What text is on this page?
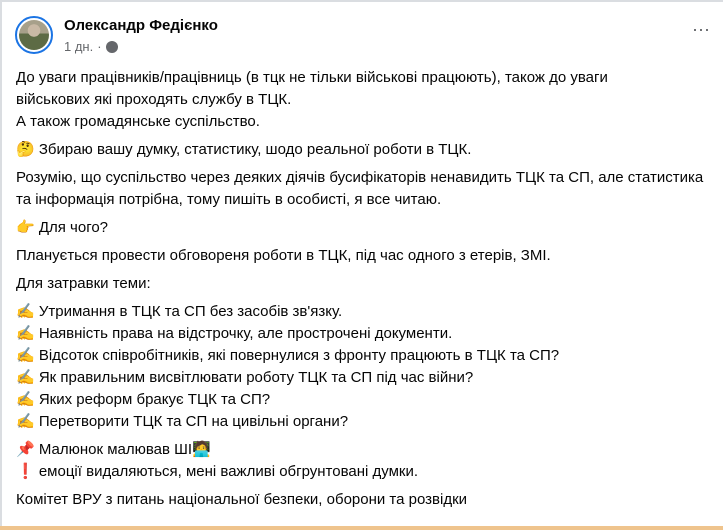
Олександр Федієнко
1 дн. ·
⋯

До уваги працівників/працівниць (в тцк не тільки військові працюють), також до уваги
військових які проходять службу в ТЦК.
А також громадянське суспільство.

🤔 Збираю вашу думку, статистику, шодо реальної роботи в ТЦК.

Розумію, що суспільство через деяких діячів бусифікаторів ненавидить ТЦК та СП, але статистика
та інформація потрібна, тому пишіть в особисті, я все читаю.

👉 Для чого?

Планується провести обговореня роботи в ТЦК, під час одного з етерів, ЗМІ.

Для затравки теми:

✍️ Утримання в ТЦК та СП без засобів зв'язку.
✍️ Наявність права на відстрочку, але прострочені документи.
✍️ Відсоток співробітників, які повернулися з фронту працюють в ТЦК та СП?
✍️ Як правильним висвітлювати роботу ТЦК та СП під час війни?
✍️ Яких реформ бракує ТЦК та СП?
✍️ Перетворити ТЦК та СП на цивільні органи?

📌 Малюнок малював ШІ🧑‍💻
❗ емоції видаляються, мені важливі обгрунтовані думки.

Комітет ВРУ з питань національної безпеки, оборони та розвідки
